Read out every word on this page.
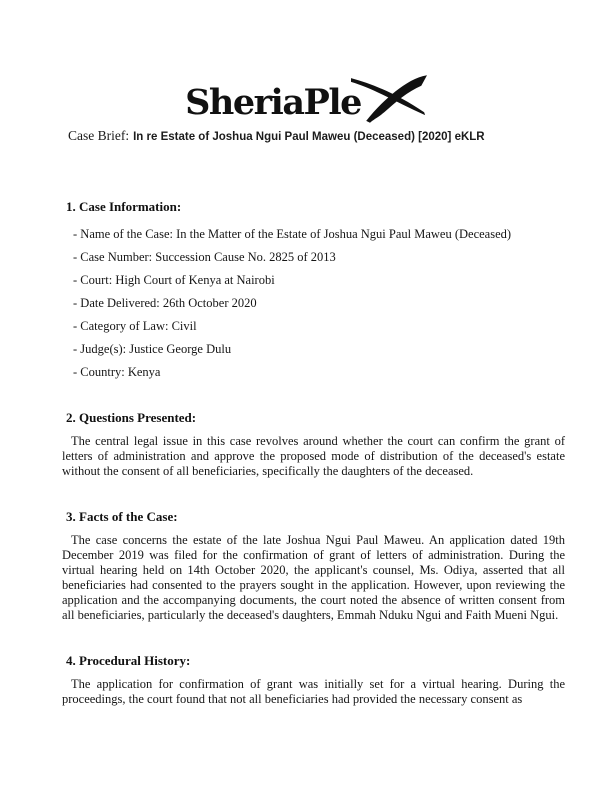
SheriaPle
Case Brief: In re Estate of Joshua Ngui Paul Maweu (Deceased) [2020] eKLR
1. Case Information:
- Name of the Case: In the Matter of the Estate of Joshua Ngui Paul Maweu (Deceased)
- Case Number: Succession Cause No. 2825 of 2013
- Court: High Court of Kenya at Nairobi
- Date Delivered: 26th October 2020
- Category of Law: Civil
- Judge(s): Justice George Dulu
- Country: Kenya
2. Questions Presented:

The central legal issue in this case revolves around whether the court can confirm the grant of letters of administration and approve the proposed mode of distribution of the deceased's estate without the consent of all beneficiaries, specifically the daughters of the deceased.

3. Facts of the Case:

The case concerns the estate of the late Joshua Ngui Paul Maweu. An application dated 19th December 2019 was filed for the confirmation of grant of letters of administration. During the virtual hearing held on 14th October 2020, the applicant's counsel, Ms. Odiya, asserted that all beneficiaries had consented to the prayers sought in the application. However, upon reviewing the application and the accompanying documents, the court noted the absence of written consent from all beneficiaries, particularly the deceased's daughters, Emmah Nduku Ngui and Faith Mueni Ngui.

4. Procedural History:

The application for confirmation of grant was initially set for a virtual hearing. During the proceedings, the court found that not all beneficiaries had provided the necessary consent as
